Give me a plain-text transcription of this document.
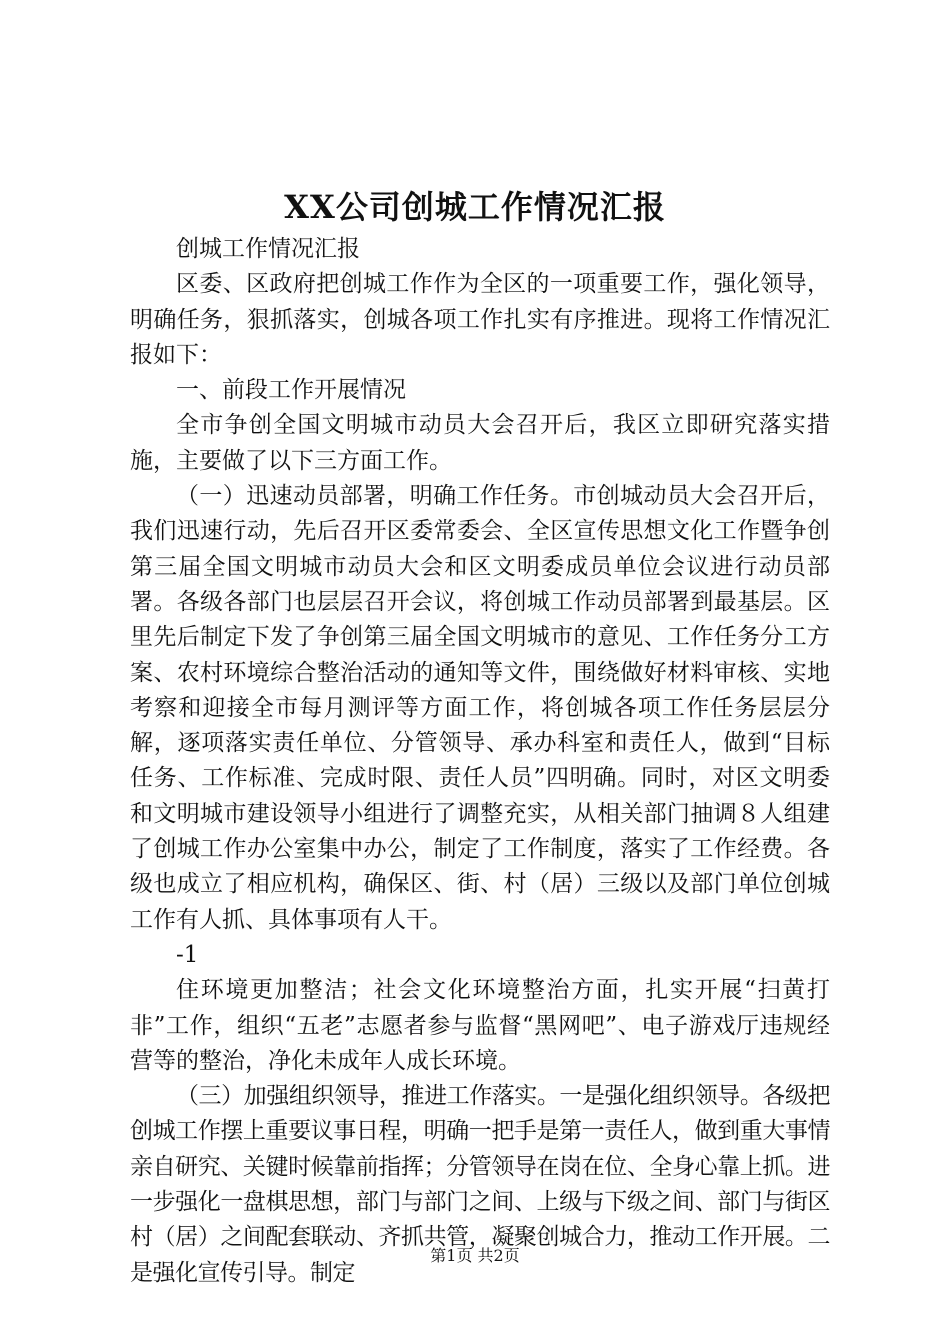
XX公司创城工作情况汇报

创城工作情况汇报

区委、区政府把创城工作作为全区的一项重要工作，强化领导，明确任务，狠抓落实，创城各项工作扎实有序推进。现将工作情况汇报如下：

一、前段工作开展情况

全市争创全国文明城市动员大会召开后，我区立即研究落实措施，主要做了以下三方面工作。

（一）迅速动员部署，明确工作任务。市创城动员大会召开后，我们迅速行动，先后召开区委常委会、全区宣传思想文化工作暨争创第三届全国文明城市动员大会和区文明委成员单位会议进行动员部署。各级各部门也层层召开会议，将创城工作动员部署到最基层。区里先后制定下发了争创第三届全国文明城市的意见、工作任务分工方案、农村环境综合整治活动的通知等文件，围绕做好材料审核、实地考察和迎接全市每月测评等方面工作，将创城各项工作任务层层分解，逐项落实责任单位、分管领导、承办科室和责任人，做到“目标任务、工作标准、完成时限、责任人员”四明确。同时，对区文明委和文明城市建设领导小组进行了调整充实，从相关部门抽调８人组建了创城工作办公室集中办公，制定了工作制度，落实了工作经费。各级也成立了相应机构，确保区、街、村（居）三级以及部门单位创城工作有人抓、具体事项有人干。

-1

住环境更加整洁；社会文化环境整治方面，扎实开展“扫黄打非”工作，组织“五老”志愿者参与监督“黑网吧”、电子游戏厅违规经营等的整治，净化未成年人成长环境。

（三）加强组织领导，推进工作落实。一是强化组织领导。各级把创城工作摆上重要议事日程，明确一把手是第一责任人，做到重大事情亲自研究、关键时候靠前指挥；分管领导在岗在位、全身心靠上抓。进一步强化一盘棋思想，部门与部门之间、上级与下级之间、部门与街区村（居）之间配套联动、齐抓共管，凝聚创城合力，推动工作开展。二是强化宣传引导。制定

第1页 共2页
